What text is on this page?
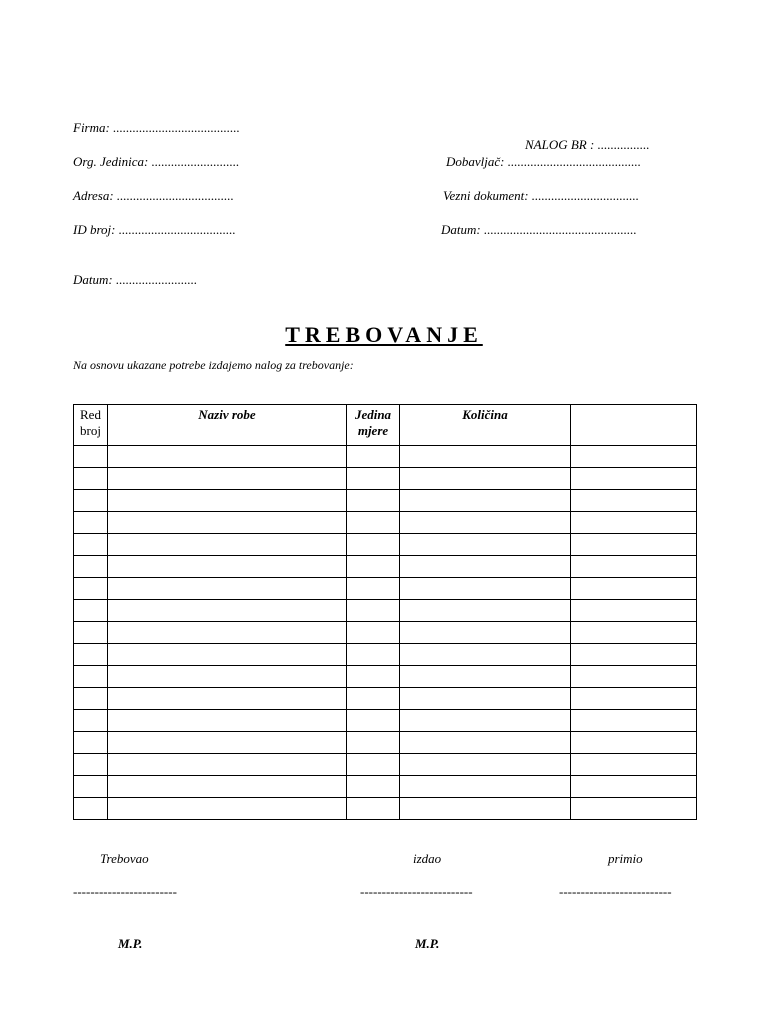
Firma: .......................................
NALOG BR : ................
Org. Jedinica: ...........................	Dobavljač: .........................................
Adresa: ....................................	Vezni dokument: .................................
ID broj: ....................................	Datum: ...............................................
Datum: .........................
TREBOVANJE
Na osnovu ukazane potrebe izdajemo nalog za trebovanje:
Red broj	Naziv robe	Jedina mjere	Količina	

Trebovao	izdao	primio
------------------------	--------------------------	--------------------------
M.P.	M.P.
